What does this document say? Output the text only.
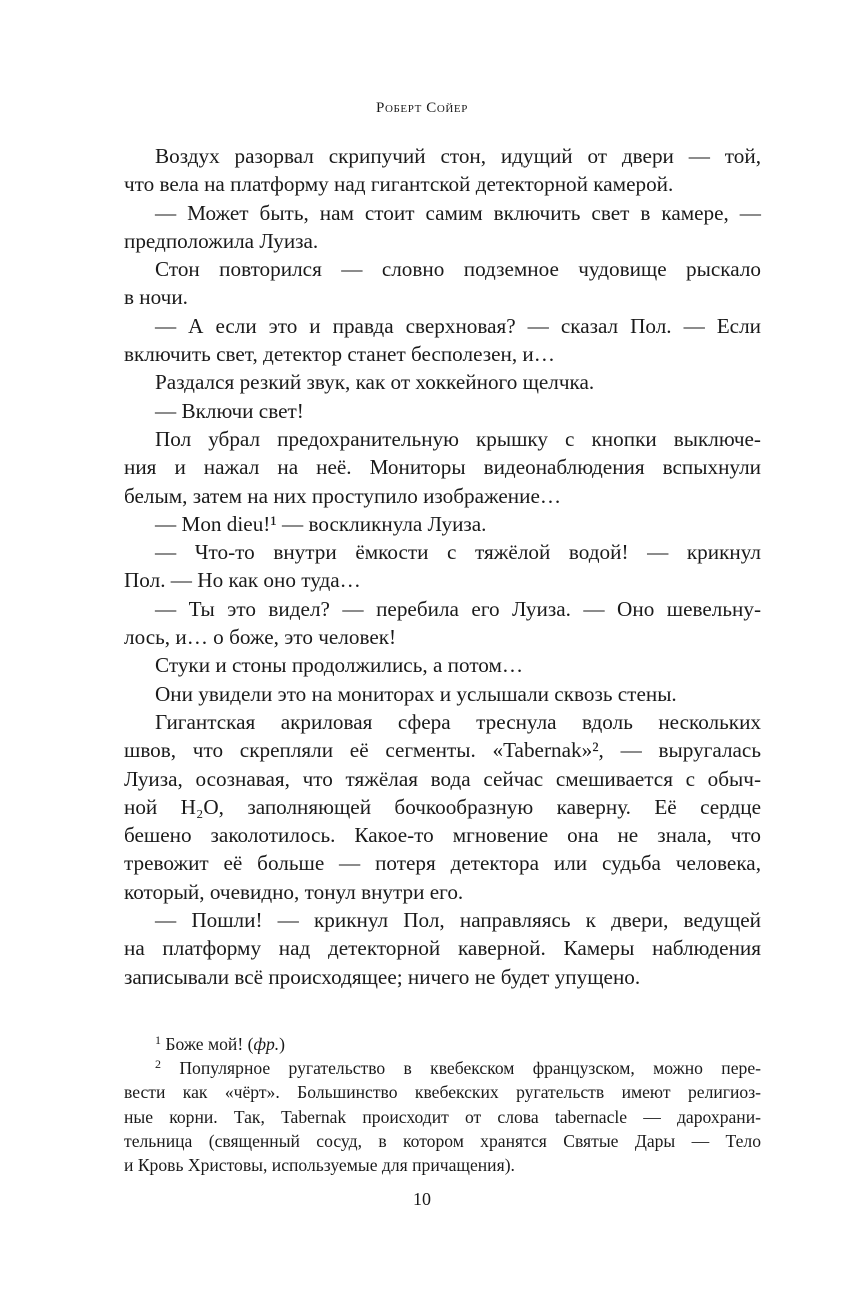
Роберт Сойер
Воздух разорвал скрипучий стон, идущий от двери — той,
что вела на платформу над гигантской детекторной камерой.
— Может быть, нам стоит самим включить свет в камере, —
предположила Луиза.
Стон повторился — словно подземное чудовище рыскало
в ночи.
— А если это и правда сверхновая? — сказал Пол. — Если
включить свет, детектор станет бесполезен, и…
Раздался резкий звук, как от хоккейного щелчка.
— Включи свет!
Пол убрал предохранительную крышку с кнопки выключе-
ния и нажал на неё. Мониторы видеонаблюдения вспыхнули
белым, затем на них проступило изображение…
— Mon dieu!¹ — воскликнула Луиза.
— Что-то внутри ёмкости с тяжёлой водой! — крикнул
Пол. — Но как оно туда…
— Ты это видел? — перебила его Луиза. — Оно шевельну-
лось, и… о боже, это человек!
Стуки и стоны продолжились, а потом…
Они увидели это на мониторах и услышали сквозь стены.
Гигантская акриловая сфера треснула вдоль нескольких
швов, что скрепляли её сегменты. «Tabernak»², — выругалась
Луиза, осознавая, что тяжёлая вода сейчас смешивается с обыч-
ной H₂O, заполняющей бочкообразную каверну. Её сердце
бешено заколотилось. Какое-то мгновение она не знала, что
тревожит её больше — потеря детектора или судьба человека,
который, очевидно, тонул внутри его.
— Пошли! — крикнул Пол, направляясь к двери, ведущей
на платформу над детекторной каверной. Камеры наблюдения
записывали всё происходящее; ничего не будет упущено.
$^1$ Боже мой! (фр.)
$^2$ Популярное ругательство в квебекском французском, можно пере-
вести как «чёрт». Большинство квебекских ругательств имеют религиоз-
ные корни. Так, Tabernak происходит от слова tabernacle — дарохрани-
тельница (священный сосуд, в котором хранятся Святые Дары — Тело
и Кровь Христовы, используемые для причащения).
10
